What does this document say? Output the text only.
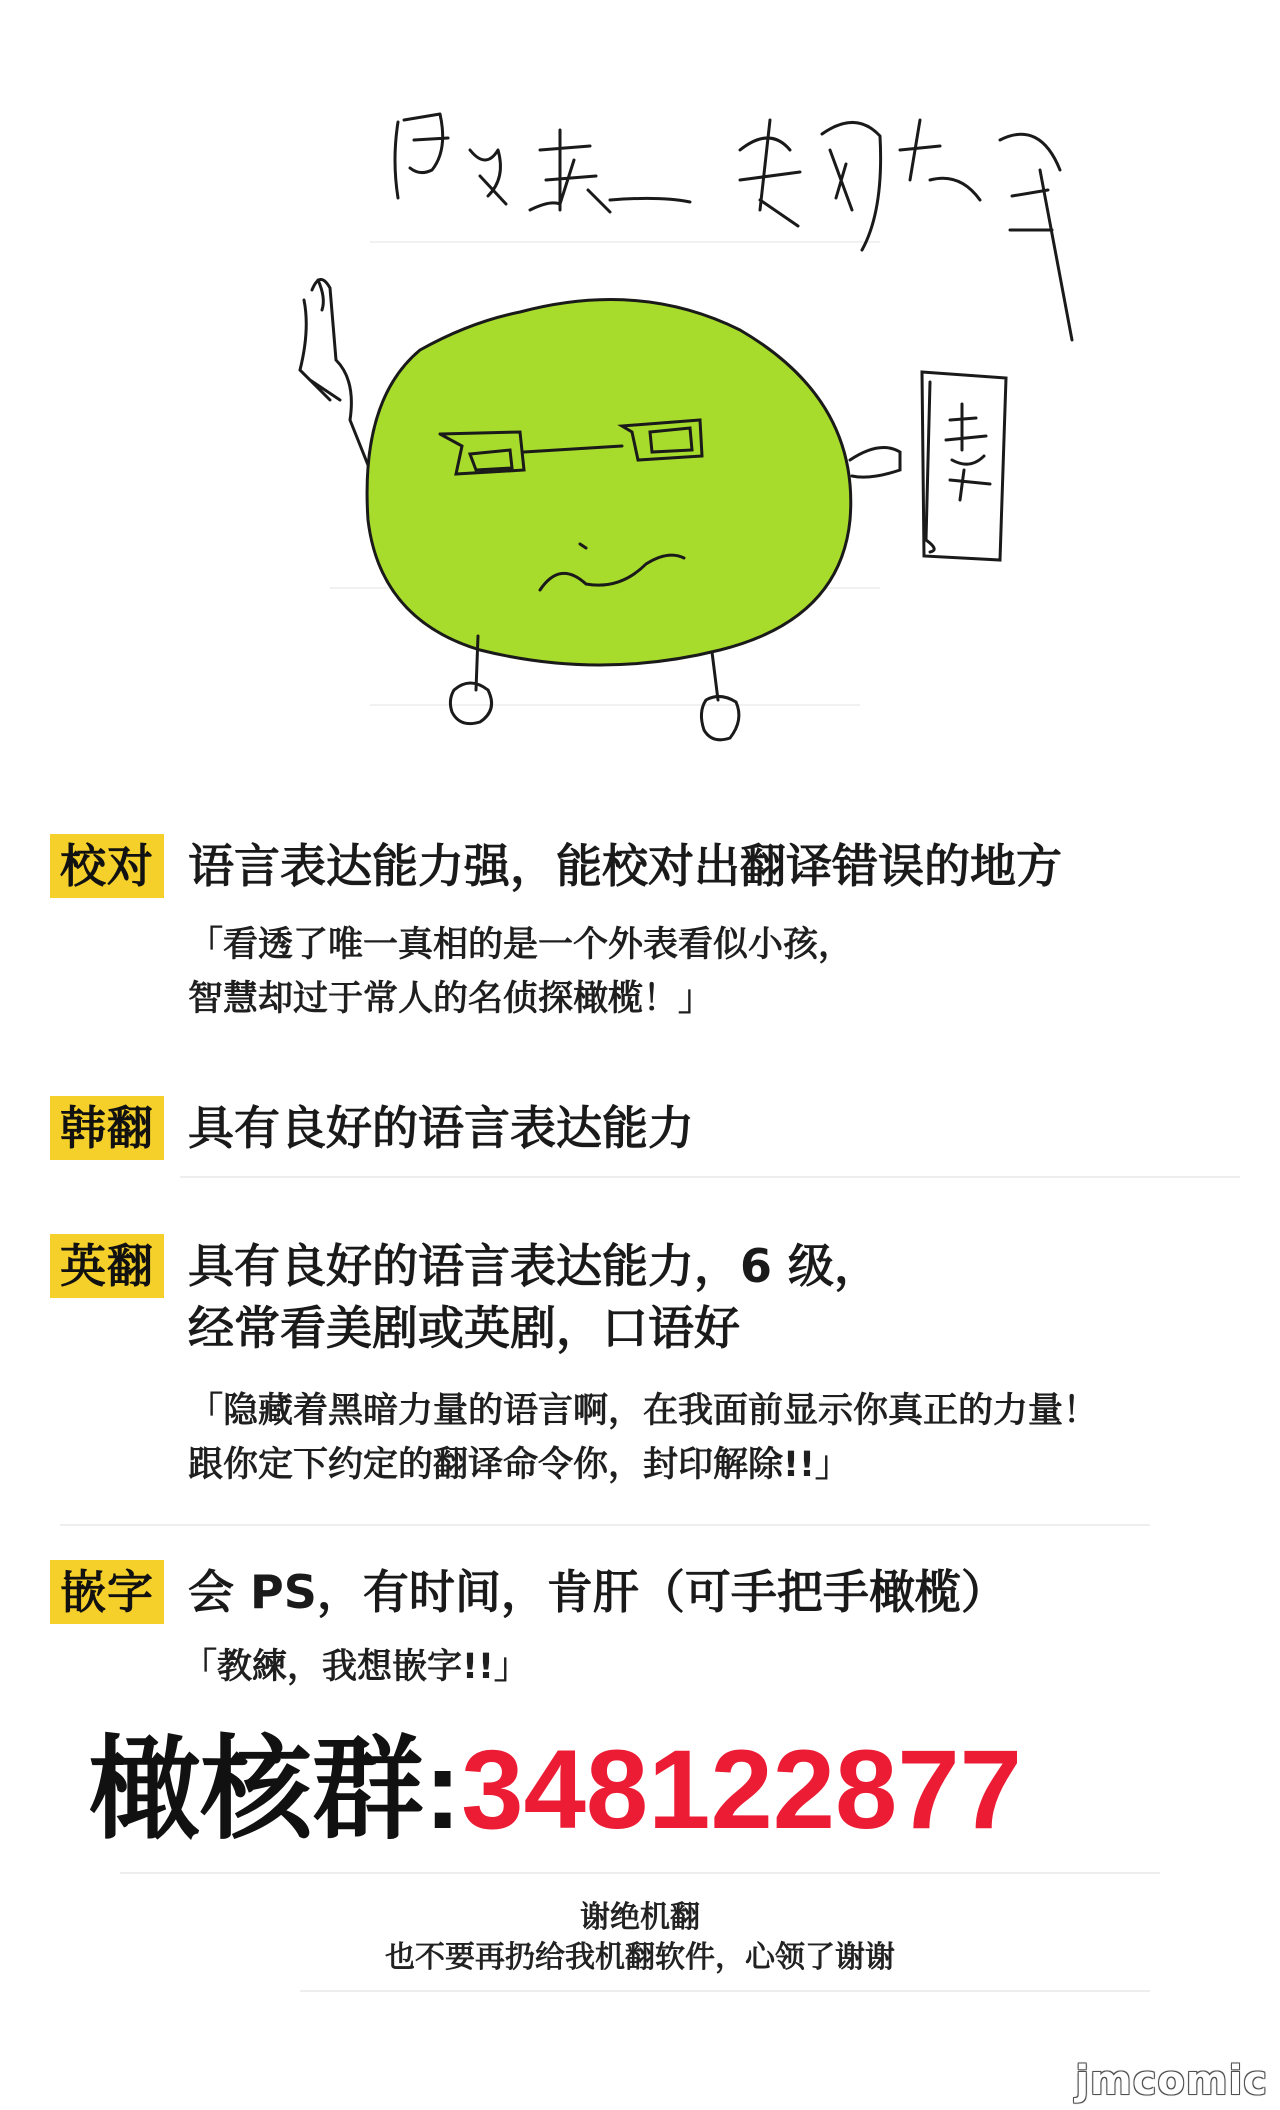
校对 语言表达能力强，能校对出翻译错误的地方
「看透了唯一真相的是一个外表看似小孩，
智慧却过于常人的名侦探橄榄！」
韩翻 具有良好的语言表达能力
英翻 具有良好的语言表达能力，6 级，
经常看美剧或英剧，口语好
「隐藏着黑暗力量的语言啊，在我面前显示你真正的力量！
跟你定下约定的翻译命令你，封印解除!!」
嵌字 会 PS，有时间，肯肝（可手把手橄榄）
「教練，我想嵌字!!」
橄核群:348122877
谢绝机翻
也不要再扔给我机翻软件，心领了谢谢
jmcomic
